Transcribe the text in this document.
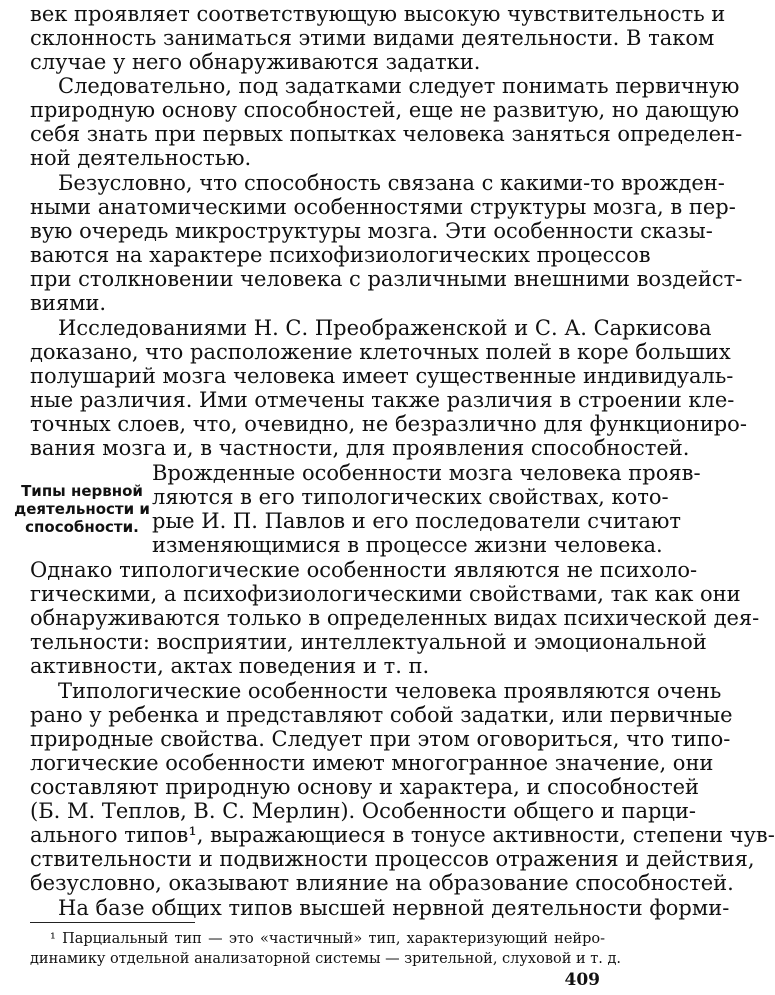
век проявляет соответствующую высокую чувствительность и
склонность заниматься этими видами деятельности. В таком
случае у него обнаруживаются задатки.
Следовательно, под задатками следует понимать первичную
природную основу способностей, еще не развитую, но дающую
себя знать при первых попытках человека заняться определен-
ной деятельностью.
Безусловно, что способность связана с какими-то врожден-
ными анатомическими особенностями структуры мозга, в пер-
вую очередь микроструктуры мозга. Эти особенности сказы-
ваются на характере психофизиологических процессов
при столкновении человека с различными внешними воздейст-
виями.
Исследованиями Н. С. Преображенской и С. А. Саркисова
доказано, что расположение клеточных полей в коре больших
полушарий мозга человека имеет существенные индивидуаль-
ные различия. Ими отмечены также различия в строении кле-
точных слоев, что, очевидно, не безразлично для функциониро-
вания мозга и, в частности, для проявления способностей.
Типы нервной деятельности и способности.
Врожденные особенности мозга человека прояв-
ляются в его типологических свойствах, кото-
рые И. П. Павлов и его последователи считают
изменяющимися в процессе жизни человека.
Однако типологические особенности являются не психоло-
гическими, а психофизиологическими свойствами, так как они
обнаруживаются только в определенных видах психической дея-
тельности: восприятии, интеллектуальной и эмоциональной
активности, актах поведения и т. п.
Типологические особенности человека проявляются очень
рано у ребенка и представляют собой задатки, или первичные
природные свойства. Следует при этом оговориться, что типо-
логические особенности имеют многогранное значение, они
составляют природную основу и характера, и способностей
(Б. М. Теплов, В. С. Мерлин). Особенности общего и парци-
ального типов¹, выражающиеся в тонусе активности, степени чув-
ствительности и подвижности процессов отражения и действия,
безусловно, оказывают влияние на образование способностей.
На базе общих типов высшей нервной деятельности форми-
¹ Парциальный тип — это «частичный» тип, характеризующий нейро-
динамику отдельной анализаторной системы — зрительной, слуховой и т. д.
409
